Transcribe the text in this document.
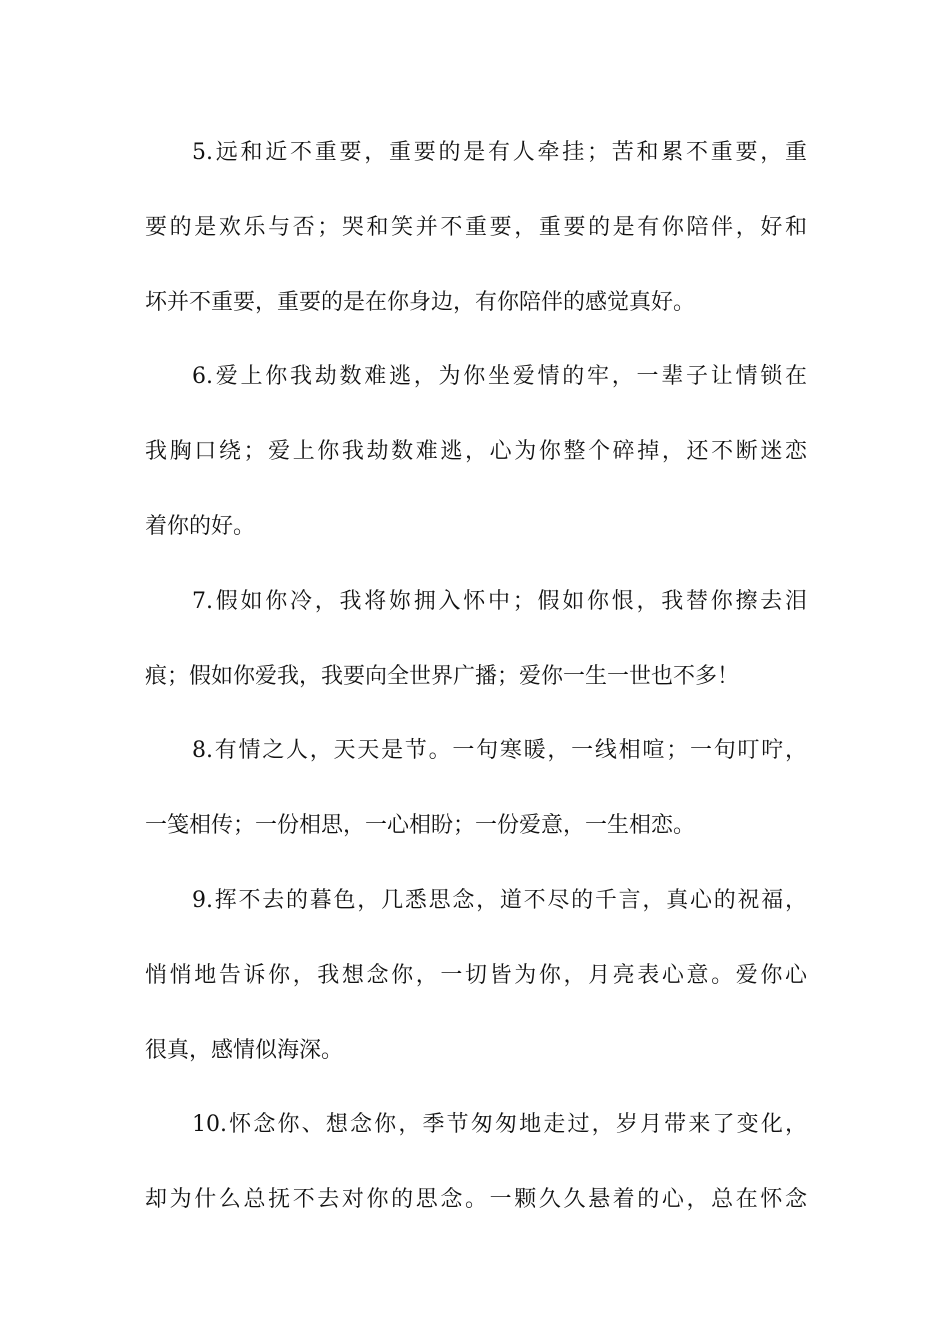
5.远和近不重要，重要的是有人牵挂；苦和累不重要，重
要的是欢乐与否；哭和笑并不重要，重要的是有你陪伴，好和
坏并不重要，重要的是在你身边，有你陪伴的感觉真好。
6.爱上你我劫数难逃，为你坐爱情的牢，一辈子让情锁在
我胸口绕；爱上你我劫数难逃，心为你整个碎掉，还不断迷恋
着你的好。
7.假如你冷，我将妳拥入怀中；假如你恨，我替你擦去泪
痕；假如你爱我，我要向全世界广播；爱你一生一世也不多！
8.有情之人，天天是节。一句寒暖，一线相喧；一句叮咛，
一笺相传；一份相思，一心相盼；一份爱意，一生相恋。
9.挥不去的暮色，几悉思念，道不尽的千言，真心的祝福，
悄悄地告诉你，我想念你，一切皆为你，月亮表心意。爱你心
很真，感情似海深。
10.怀念你、想念你，季节匆匆地走过，岁月带来了变化，
却为什么总抚不去对你的思念。一颗久久悬着的心，总在怀念
